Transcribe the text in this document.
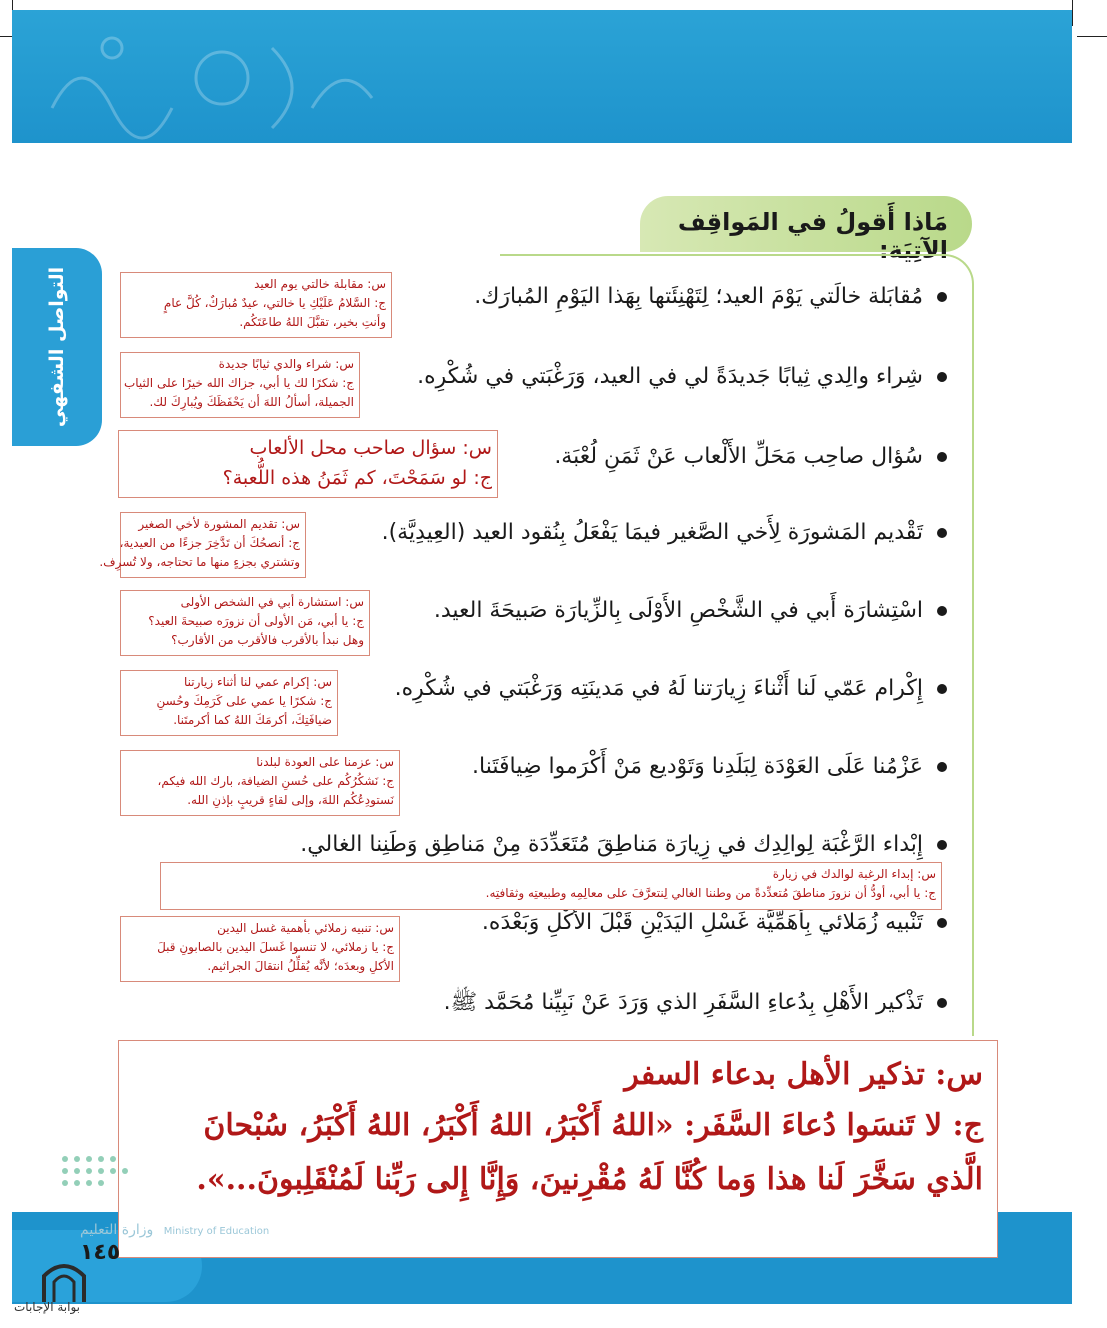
التواصل الشفهي
مَاذا أَقولُ في المَواقِف الآتِيَة:
مُقابَلة خالَتي يَوْمَ العيد؛ لِتَهْنِئَتها بِهَذا اليَوْمِ المُبارَك.
شِراء والِدي ثِيابًا جَديدَةً لي في العيد، وَرَغْبَتي في شُكْرِه.
سُؤال صاحِب مَحَلِّ الأَلْعاب عَنْ ثَمَنِ لُعْبَة.
تَقْديم المَشورَة لِأَخي الصَّغير فيمَا يَفْعَلُ بِنُقود العيد (العِيدِيَّة).
اسْتِشارَة أَبي في الشَّخْصِ الأَوْلَى بِالزِّيارَة صَبيحَةَ العيد.
إِكْرام عَمّي لَنا أَثْناءَ زِيارَتنا لَهُ في مَدينَتِه وَرَغْبَتي في شُكْرِه.
عَزْمُنا عَلَى العَوْدَة لِبَلَدِنا وَتَوْديع مَنْ أَكْرَموا ضِيافَتَنا.
إِبْداء الرَّغْبَة لِوالِدِك في زِيارَة مَناطِقَ مُتَعَدِّدَة مِنْ مَناطِق وَطَنِنا الغالي.
تَنْبيه زُمَلائي بِأَهَمِّيَّة غَسْلِ اليَدَيْنِ قَبْلَ الأَكْلِ وَبَعْدَه.
تَذْكير الأَهْلِ بِدُعاءِ السَّفَرِ الذي وَرَدَ عَنْ نَبِيِّنا مُحَمَّد ﷺ.

س: مقابلة خالتي يوم العيد

ج: السَّلامُ عَلَيْكِ يا خالتي، عيدٌ مُبارَكٌ، كُلَّ عامٍ

وأنتِ بخير، تقبَّلَ اللهُ طاعَتَكُم.

س: شراء والدي ثيابًا جديدة

ج: شكرًا لك يا أبي، جزاك الله خيرًا على الثياب

الجميلة، أسألُ اللهَ أن يَحْفَظَكَ ويُبارِكَ لك.

س: سؤال صاحب محل الألعاب

ج: لو سَمَحْتَ، كم ثَمَنُ هذه اللُّعبة؟

س: تقديم المشورة لأخي الصغير

ج: أنصحُكَ أن تَدَّخِرَ جزءًا من العيدية،

وتشتري بجزءٍ منها ما تحتاجه، ولا تُسرِف.

س: استشارة أبي في الشخص الأولى

ج: يا أبي، مَن الأولى أن نزورَه صبيحةَ العيد؟

وهل نبدأ بالأقرب فالأقرب من الأقارب؟

س: إكرام عمي لنا أثناء زيارتنا

ج: شكرًا يا عمي على كَرَمِكَ وحُسنِ

ضيافَتِكَ، أكرمَكَ اللهُ كما أكرمتَنا.

س: عزمنا على العودة لبلدنا

ج: نَشكُرُكُم على حُسنِ الضيافة، بارك الله فيكم،

نَستودِعُكُم اللهَ، وإلى لقاءٍ قريبٍ بإذنِ الله.

س: إبداء الرغبة لوالدك في زيارة

ج: يا أبي، أودُّ أن نزورَ مناطقَ مُتعدِّدةً من وطننا الغالي لِنتعرَّفَ على معالِمِه وطبيعتِه وثقافتِه.

س: تنبيه زملائي بأهمية غسل اليدين

ج: يا زملائي، لا تنسوا غَسلَ اليدين بالصابونِ قبلَ

الأكلِ وبعدَه؛ لأنَّه يُقلِّلُ انتقالَ الجراثيم.

س: تذكير الأهل بدعاء السفر

ج: لا تَنسَوا دُعاءَ السَّفَر: «اللهُ أَكْبَرُ، اللهُ أَكْبَرُ، اللهُ أَكْبَرُ، سُبْحانَ

الَّذي سَخَّرَ لَنا هذا وَما كُنَّا لَهُ مُقْرِنينَ، وَإِنَّا إِلى رَبِّنا لَمُنْقَلِبونَ...».

وزارة التعليم Ministry of Education
١٤٥
بوابة الإجابات
